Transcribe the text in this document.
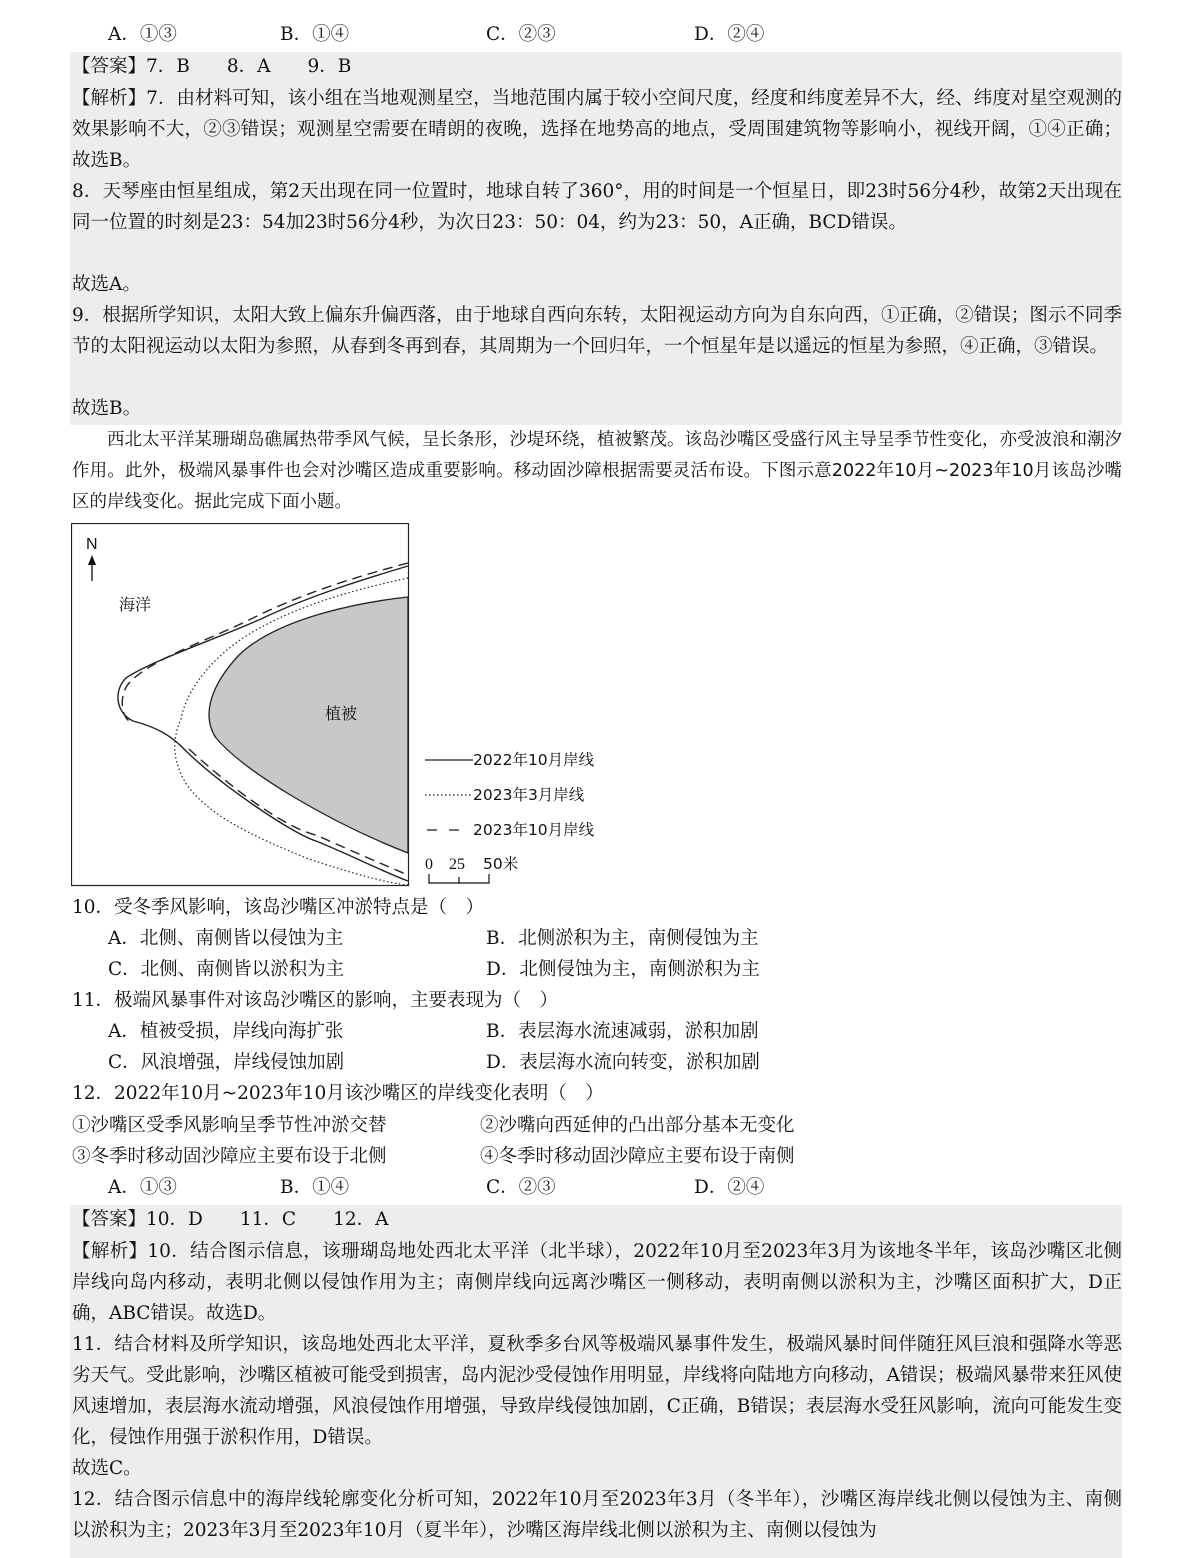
A．①③	B．①④	C．②③	D．②④
【答案】7．B　　8．A　　9．B
【解析】7．由材料可知，该小组在当地观测星空，当地范围内属于较小空间尺度，经度和纬度差异不大，经、纬度对星空观测的效果影响不大，②③错误；观测星空需要在晴朗的夜晚，选择在地势高的地点，受周围建筑物等影响小，视线开阔，①④正确；故选B。
8．天琴座由恒星组成，第2天出现在同一位置时，地球自转了360°，用的时间是一个恒星日，即23时56分4秒，故第2天出现在同一位置的时刻是23：54加23时56分4秒，为次日23：50：04，约为23：50，A正确，BCD错误。
故选A。
9．根据所学知识，太阳大致上偏东升偏西落，由于地球自西向东转，太阳视运动方向为自东向西，①正确，②错误；图示不同季节的太阳视运动以太阳为参照，从春到冬再到春，其周期为一个回归年，一个恒星年是以遥远的恒星为参照，④正确，③错误。
故选B。
西北太平洋某珊瑚岛礁属热带季风气候，呈长条形，沙堤环绕，植被繁茂。该岛沙嘴区受盛行风主导呈季节性变化，亦受波浪和潮汐作用。此外，极端风暴事件也会对沙嘴区造成重要影响。移动固沙障根据需要灵活布设。下图示意2022年10月~2023年10月该岛沙嘴区的岸线变化。据此完成下面小题。
N
海洋
植被
2022年10月岸线
2023年3月岸线
2023年10月岸线
0 25 50米
10．受冬季风影响，该岛沙嘴区冲淤特点是（　）
A．北侧、南侧皆以侵蚀为主	B．北侧淤积为主，南侧侵蚀为主
C．北侧、南侧皆以淤积为主	D．北侧侵蚀为主，南侧淤积为主
11．极端风暴事件对该岛沙嘴区的影响，主要表现为（　）
A．植被受损，岸线向海扩张	B．表层海水流速减弱，淤积加剧
C．风浪增强，岸线侵蚀加剧	D．表层海水流向转变，淤积加剧
12．2022年10月~2023年10月该沙嘴区的岸线变化表明（　）
①沙嘴区受季风影响呈季节性冲淤交替	②沙嘴向西延伸的凸出部分基本无变化
③冬季时移动固沙障应主要布设于北侧	④冬季时移动固沙障应主要布设于南侧
A．①③	B．①④	C．②③	D．②④
【答案】10．D　　11．C　　12．A
【解析】10．结合图示信息，该珊瑚岛地处西北太平洋（北半球），2022年10月至2023年3月为该地冬半年，该岛沙嘴区北侧岸线向岛内移动，表明北侧以侵蚀作用为主；南侧岸线向远离沙嘴区一侧移动，表明南侧以淤积为主，沙嘴区面积扩大，D正确，ABC错误。故选D。
11．结合材料及所学知识，该岛地处西北太平洋，夏秋季多台风等极端风暴事件发生，极端风暴时间伴随狂风巨浪和强降水等恶劣天气。受此影响，沙嘴区植被可能受到损害，岛内泥沙受侵蚀作用明显，岸线将向陆地方向移动，A错误；极端风暴带来狂风使风速增加，表层海水流动增强，风浪侵蚀作用增强，导致岸线侵蚀加剧，C正确，B错误；表层海水受狂风影响，流向可能发生变化，侵蚀作用强于淤积作用，D错误。
故选C。
12．结合图示信息中的海岸线轮廓变化分析可知，2022年10月至2023年3月（冬半年），沙嘴区海岸线北侧以侵蚀为主、南侧以淤积为主；2023年3月至2023年10月（夏半年），沙嘴区海岸线北侧以淤积为主、南侧以侵蚀为
